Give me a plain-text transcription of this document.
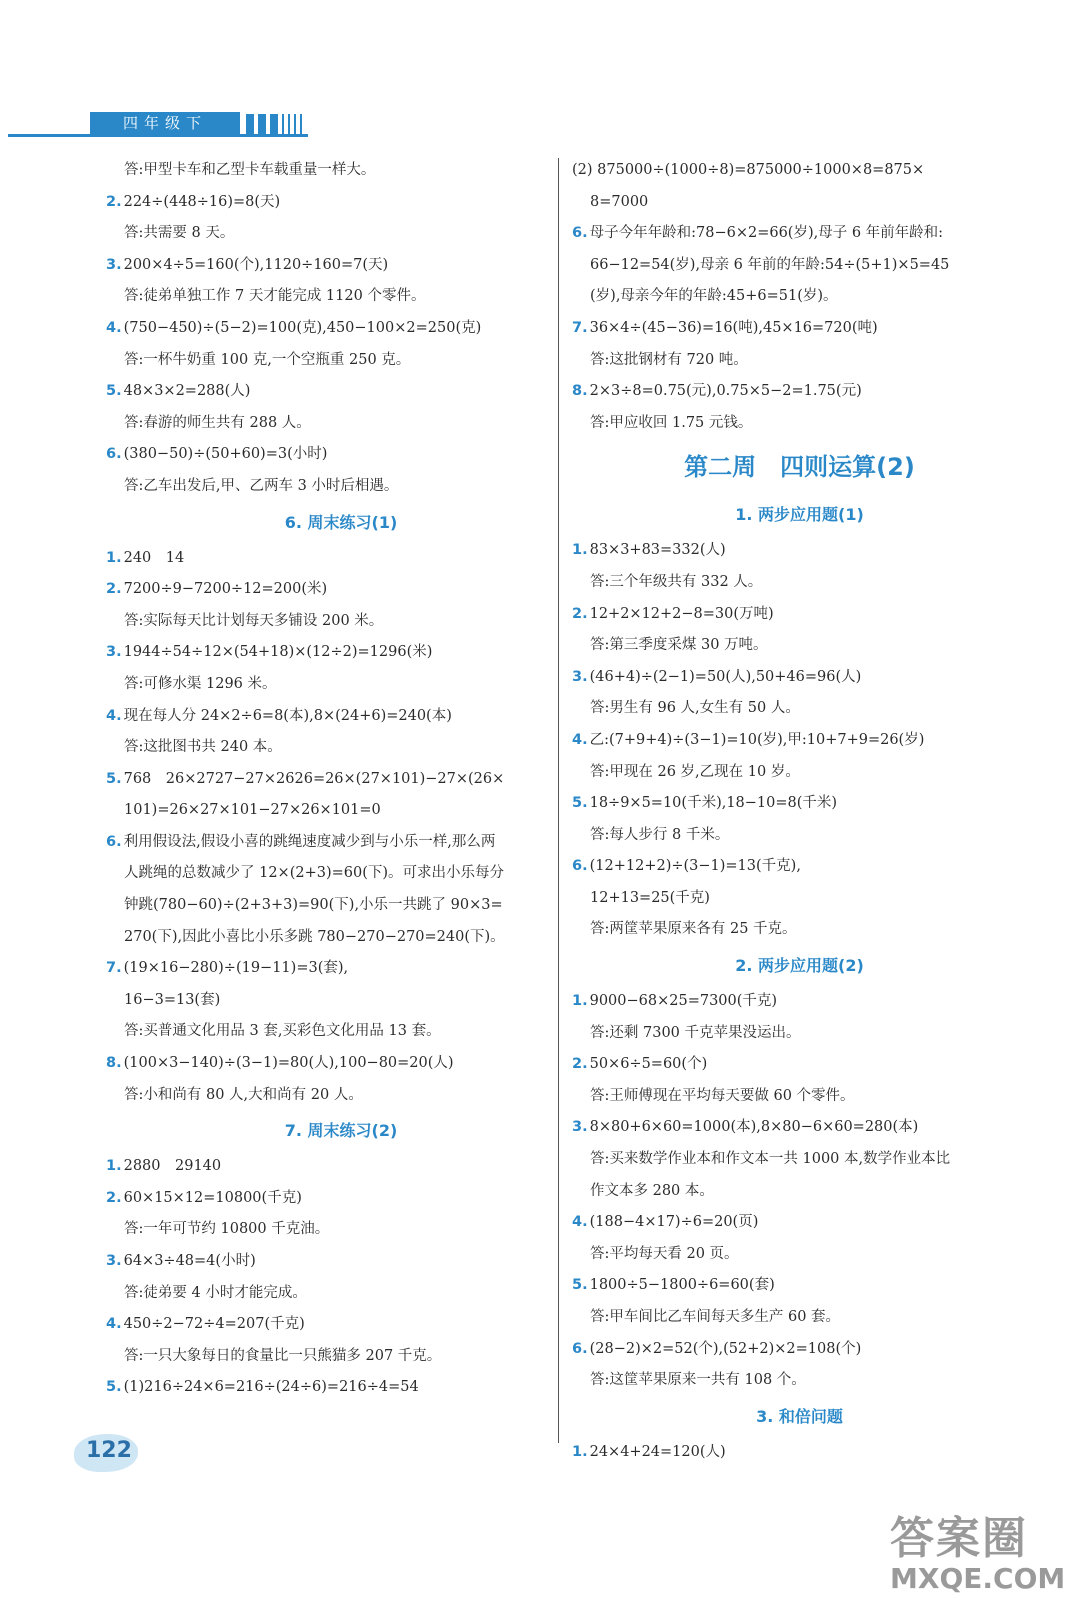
四年级下
答:甲型卡车和乙型卡车载重量一样大。
2. 224÷(448÷16)=8(天)
答:共需要 8 天。
3. 200×4÷5=160(个),1120÷160=7(天)
答:徒弟单独工作 7 天才能完成 1120 个零件。
4. (750−450)÷(5−2)=100(克),450−100×2=250(克)
答:一杯牛奶重 100 克,一个空瓶重 250 克。
5. 48×3×2=288(人)
答:春游的师生共有 288 人。
6. (380−50)÷(50+60)=3(小时)
答:乙车出发后,甲、乙两车 3 小时后相遇。
6. 周末练习(1)
1. 240　14
2. 7200÷9−7200÷12=200(米)
答:实际每天比计划每天多铺设 200 米。
3. 1944÷54÷12×(54+18)×(12÷2)=1296(米)
答:可修水渠 1296 米。
4. 现在每人分 24×2÷6=8(本),8×(24+6)=240(本)
答:这批图书共 240 本。
5. 768　26×2727−27×2626=26×(27×101)−27×(26×
101)=26×27×101−27×26×101=0
6. 利用假设法,假设小喜的跳绳速度减少到与小乐一样,那么两
人跳绳的总数减少了 12×(2+3)=60(下)。可求出小乐每分
钟跳(780−60)÷(2+3+3)=90(下),小乐一共跳了 90×3=
270(下),因此小喜比小乐多跳 780−270−270=240(下)。
7. (19×16−280)÷(19−11)=3(套),
16−3=13(套)
答:买普通文化用品 3 套,买彩色文化用品 13 套。
8. (100×3−140)÷(3−1)=80(人),100−80=20(人)
答:小和尚有 80 人,大和尚有 20 人。
7. 周末练习(2)
1. 2880　29140
2. 60×15×12=10800(千克)
答:一年可节约 10800 千克油。
3. 64×3÷48=4(小时)
答:徒弟要 4 小时才能完成。
4. 450÷2−72÷4=207(千克)
答:一只大象每日的食量比一只熊猫多 207 千克。
5. (1)216÷24×6=216÷(24÷6)=216÷4=54
(2) 875000÷(1000÷8)=875000÷1000×8=875×
8=7000
6. 母子今年年龄和:78−6×2=66(岁),母子 6 年前年龄和:
66−12=54(岁),母亲 6 年前的年龄:54÷(5+1)×5=45
(岁),母亲今年的年龄:45+6=51(岁)。
7. 36×4÷(45−36)=16(吨),45×16=720(吨)
答:这批钢材有 720 吨。
8. 2×3÷8=0.75(元),0.75×5−2=1.75(元)
答:甲应收回 1.75 元钱。
第二周　四则运算(2)
1. 两步应用题(1)
1. 83×3+83=332(人)
答:三个年级共有 332 人。
2. 12+2×12+2−8=30(万吨)
答:第三季度采煤 30 万吨。
3. (46+4)÷(2−1)=50(人),50+46=96(人)
答:男生有 96 人,女生有 50 人。
4. 乙:(7+9+4)÷(3−1)=10(岁),甲:10+7+9=26(岁)
答:甲现在 26 岁,乙现在 10 岁。
5. 18÷9×5=10(千米),18−10=8(千米)
答:每人步行 8 千米。
6. (12+12+2)÷(3−1)=13(千克),
12+13=25(千克)
答:两筐苹果原来各有 25 千克。
2. 两步应用题(2)
1. 9000−68×25=7300(千克)
答:还剩 7300 千克苹果没运出。
2. 50×6÷5=60(个)
答:王师傅现在平均每天要做 60 个零件。
3. 8×80+6×60=1000(本),8×80−6×60=280(本)
答:买来数学作业本和作文本一共 1000 本,数学作业本比
作文本多 280 本。
4. (188−4×17)÷6=20(页)
答:平均每天看 20 页。
5. 1800÷5−1800÷6=60(套)
答:甲车间比乙车间每天多生产 60 套。
6. (28−2)×2=52(个),(52+2)×2=108(个)
答:这筐苹果原来一共有 108 个。
3. 和倍问题
1. 24×4+24=120(人)
122
答案圈
MXQE.COM
